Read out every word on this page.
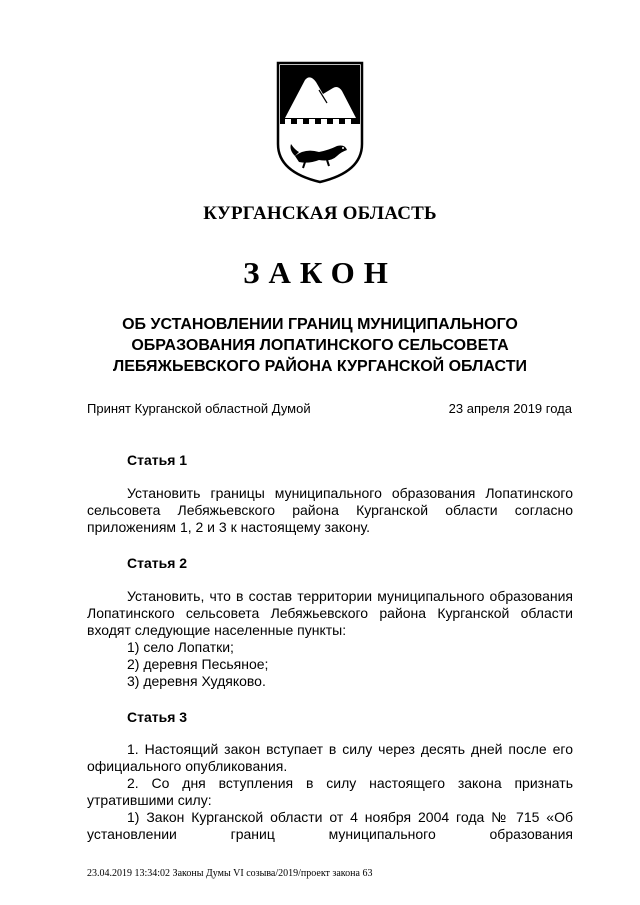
КУРГАНСКАЯ ОБЛАСТЬ
ЗАКОН
ОБ УСТАНОВЛЕНИИ ГРАНИЦ МУНИЦИПАЛЬНОГО
ОБРАЗОВАНИЯ ЛОПАТИНСКОГО СЕЛЬСОВЕТА
ЛЕБЯЖЬЕВСКОГО РАЙОНА КУРГАНСКОЙ ОБЛАСТИ
Принят Курганской областной Думой	23 апреля 2019 года
Статья 1
Установить границы муниципального образования Лопатинского сельсовета Лебяжьевского района Курганской области согласно приложениям 1, 2 и 3 к настоящему закону.
Статья 2
Установить, что в состав территории муниципального образования Лопатинского сельсовета Лебяжьевского района Курганской области входят следующие населенные пункты:
1) село Лопатки;
2) деревня Песьяное;
3) деревня Худяково.
Статья 3
1. Настоящий закон вступает в силу через десять дней после его официального опубликования.
2. Со дня вступления в силу настоящего закона признать утратившими силу:
1) Закон Курганской области от 4 ноября 2004 года № 715 «Об установлении границ муниципального образования
23.04.2019 13:34:02 Законы Думы VI созыва/2019/проект закона 63
